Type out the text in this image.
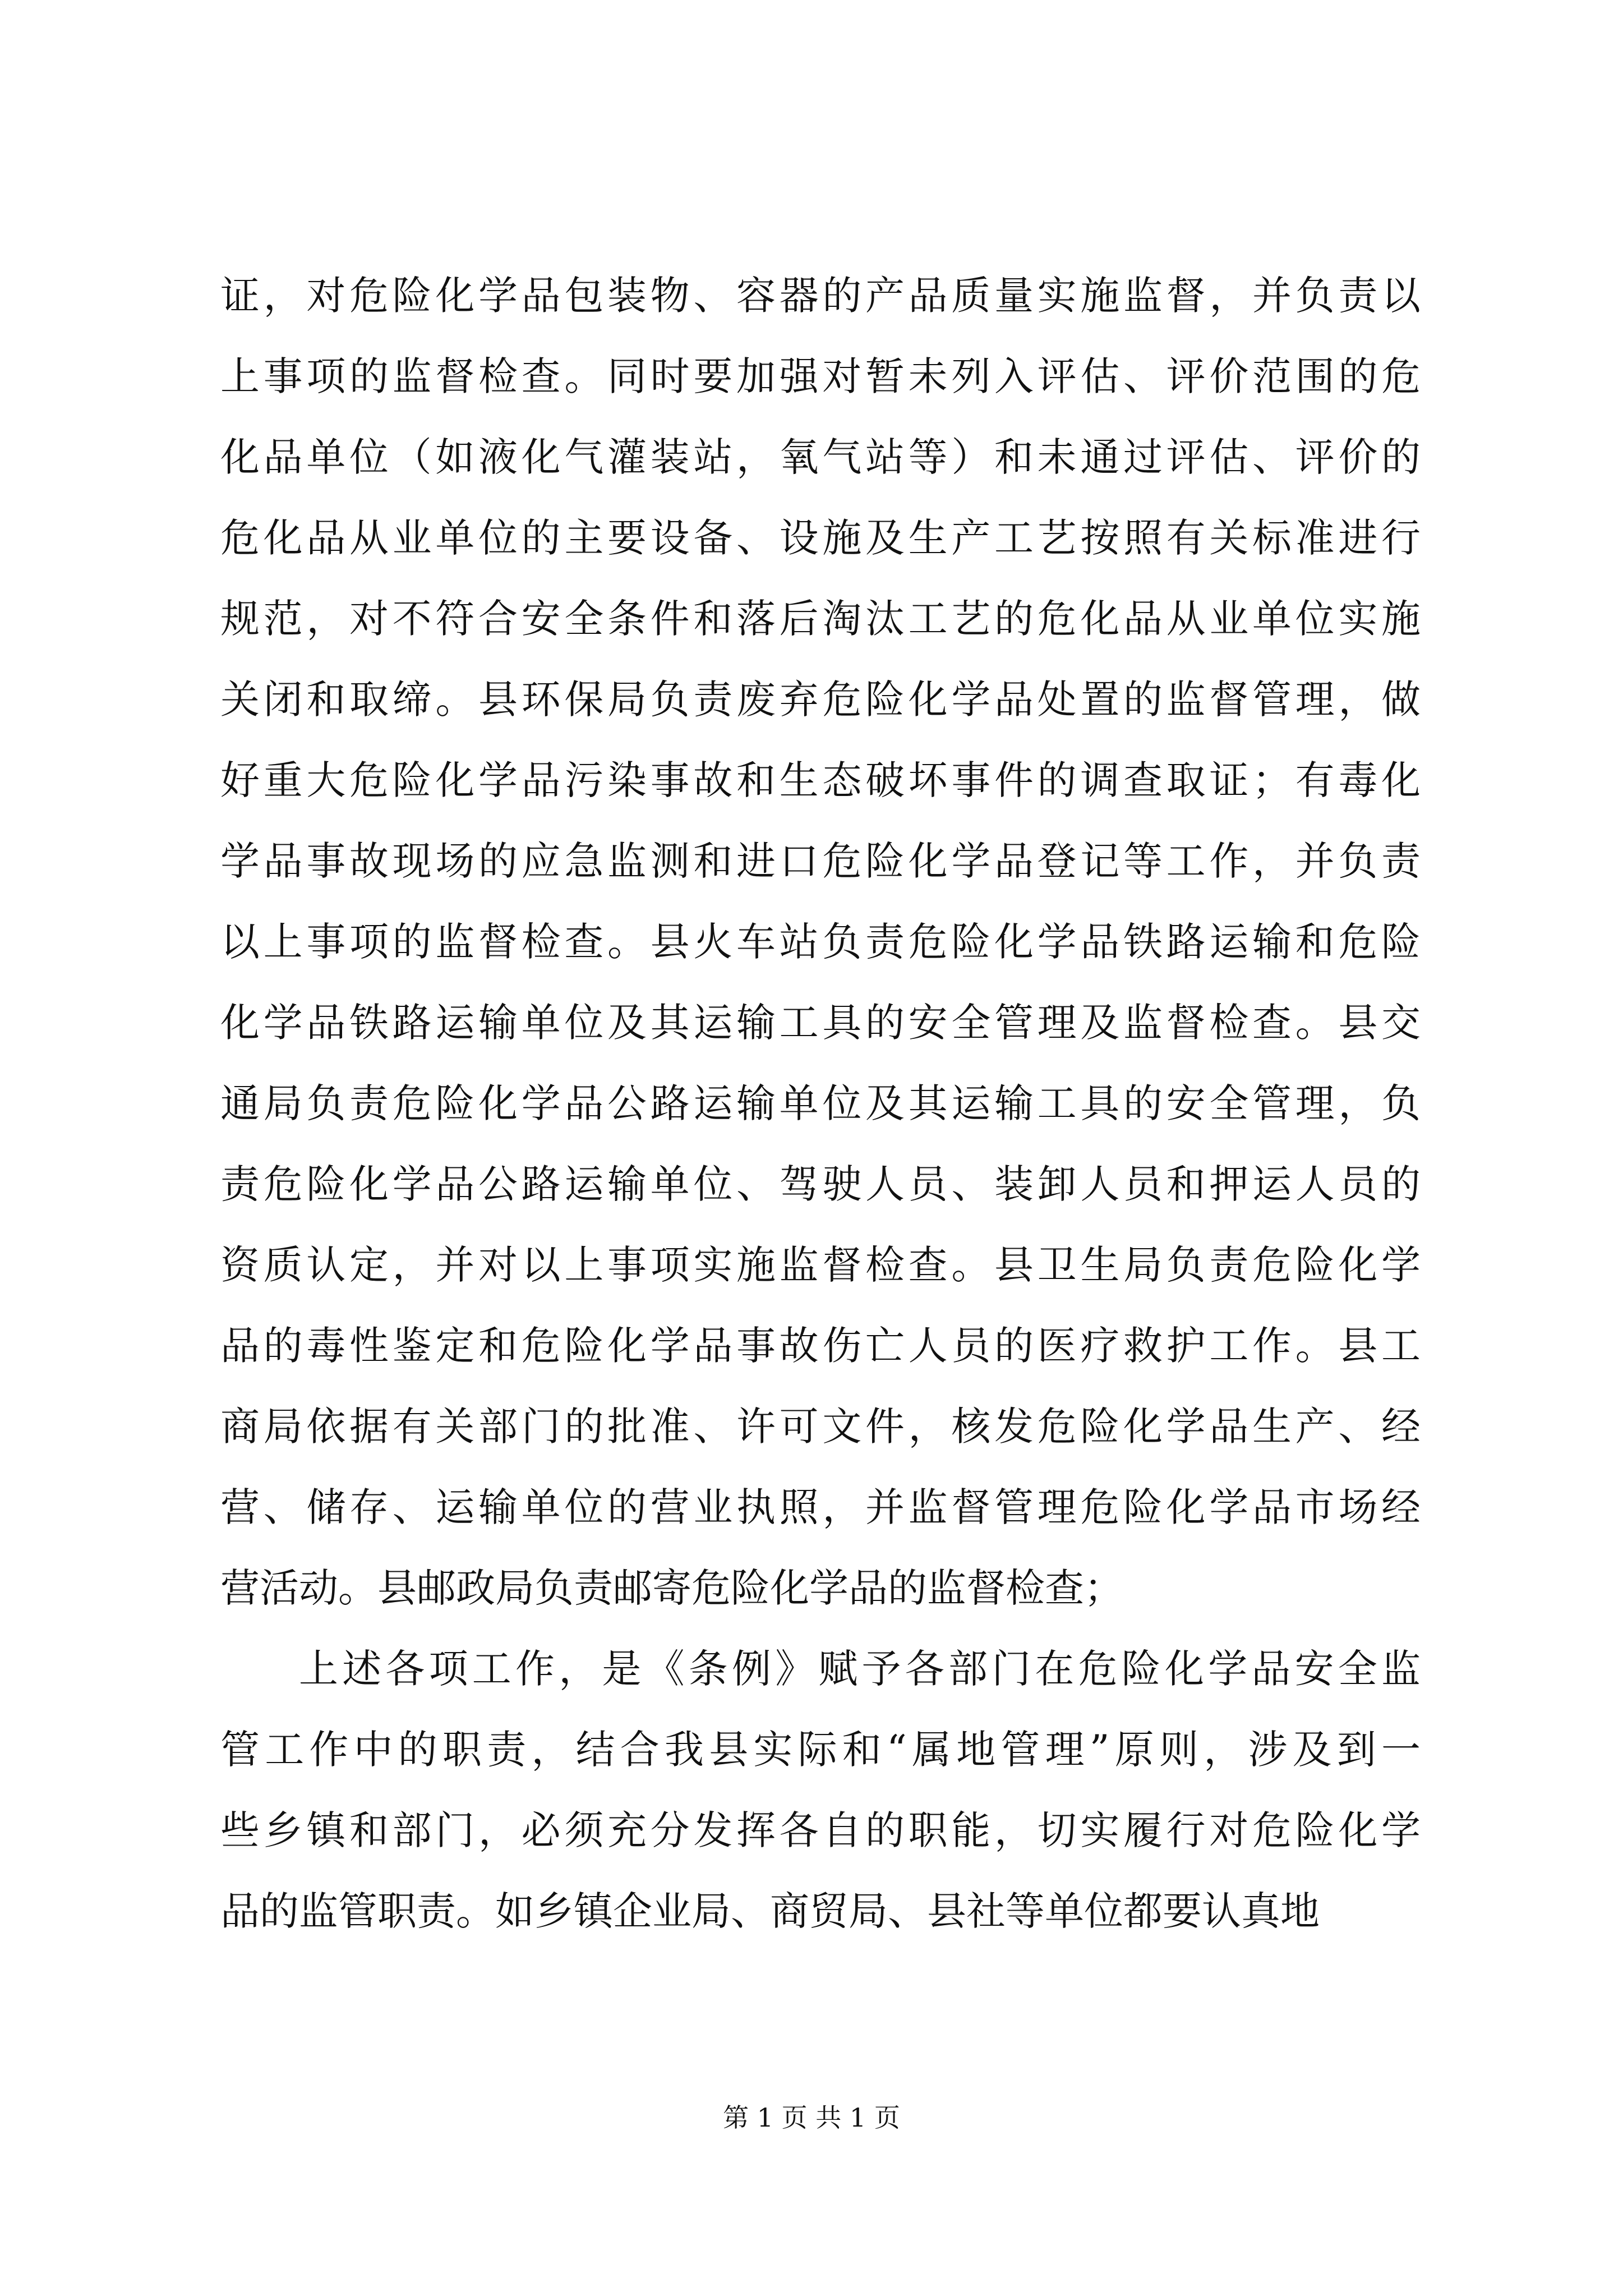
证，对危险化学品包装物、容器的产品质量实施监督，并负责以
上事项的监督检查。同时要加强对暂未列入评估、评价范围的危
化品单位（如液化气灌装站，氧气站等）和未通过评估、评价的
危化品从业单位的主要设备、设施及生产工艺按照有关标准进行
规范，对不符合安全条件和落后淘汰工艺的危化品从业单位实施
关闭和取缔。县环保局负责废弃危险化学品处置的监督管理，做
好重大危险化学品污染事故和生态破坏事件的调查取证；有毒化
学品事故现场的应急监测和进口危险化学品登记等工作，并负责
以上事项的监督检查。县火车站负责危险化学品铁路运输和危险
化学品铁路运输单位及其运输工具的安全管理及监督检查。县交
通局负责危险化学品公路运输单位及其运输工具的安全管理，负
责危险化学品公路运输单位、驾驶人员、装卸人员和押运人员的
资质认定，并对以上事项实施监督检查。县卫生局负责危险化学
品的毒性鉴定和危险化学品事故伤亡人员的医疗救护工作。县工
商局依据有关部门的批准、许可文件，核发危险化学品生产、经
营、储存、运输单位的营业执照，并监督管理危险化学品市场经
营活动。县邮政局负责邮寄危险化学品的监督检查；
上述各项工作，是《条例》赋予各部门在危险化学品安全监
管工作中的职责，结合我县实际和“属地管理”原则，涉及到一
些乡镇和部门，必须充分发挥各自的职能，切实履行对危险化学
品的监管职责。如乡镇企业局、商贸局、县社等单位都要认真地
第 1 页 共 1 页
